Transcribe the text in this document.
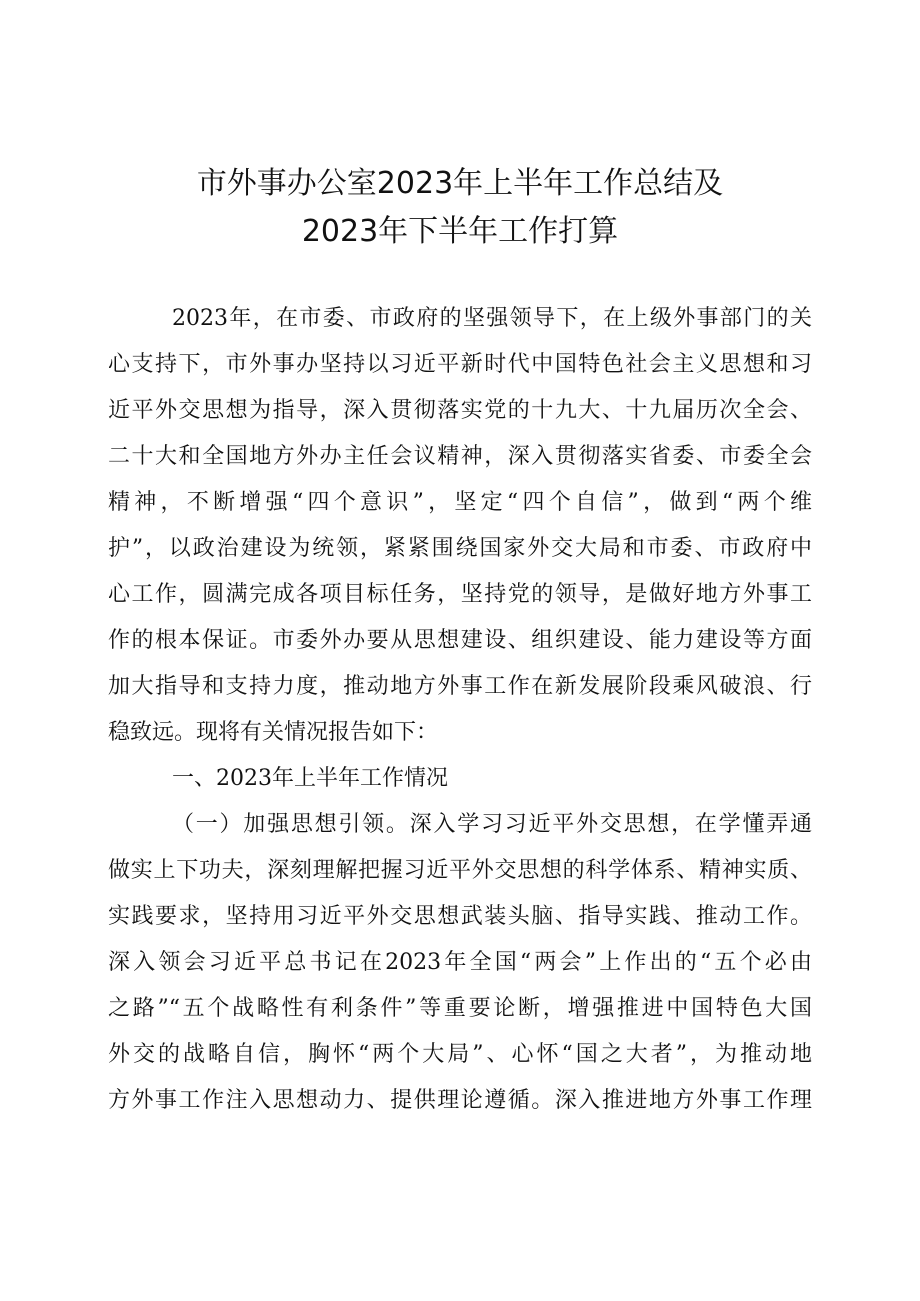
市外事办公室2023年上半年工作总结及
2023年下半年工作打算
2023年，在市委、市政府的坚强领导下，在上级外事部门的关
心支持下，市外事办坚持以习近平新时代中国特色社会主义思想和习
近平外交思想为指导，深入贯彻落实党的十九大、十九届历次全会、
二十大和全国地方外办主任会议精神，深入贯彻落实省委、市委全会
精神，不断增强“四个意识”，坚定“四个自信”，做到“两个维
护”，以政治建设为统领，紧紧围绕国家外交大局和市委、市政府中
心工作，圆满完成各项目标任务，坚持党的领导，是做好地方外事工
作的根本保证。市委外办要从思想建设、组织建设、能力建设等方面
加大指导和支持力度，推动地方外事工作在新发展阶段乘风破浪、行
稳致远。现将有关情况报告如下：
一、2023年上半年工作情况
（一）加强思想引领。深入学习习近平外交思想，在学懂弄通
做实上下功夫，深刻理解把握习近平外交思想的科学体系、精神实质、
实践要求，坚持用习近平外交思想武装头脑、指导实践、推动工作。
深入领会习近平总书记在2023年全国“两会”上作出的“五个必由
之路”“五个战略性有利条件”等重要论断，增强推进中国特色大国
外交的战略自信，胸怀“两个大局”、心怀“国之大者”，为推动地
方外事工作注入思想动力、提供理论遵循。深入推进地方外事工作理
